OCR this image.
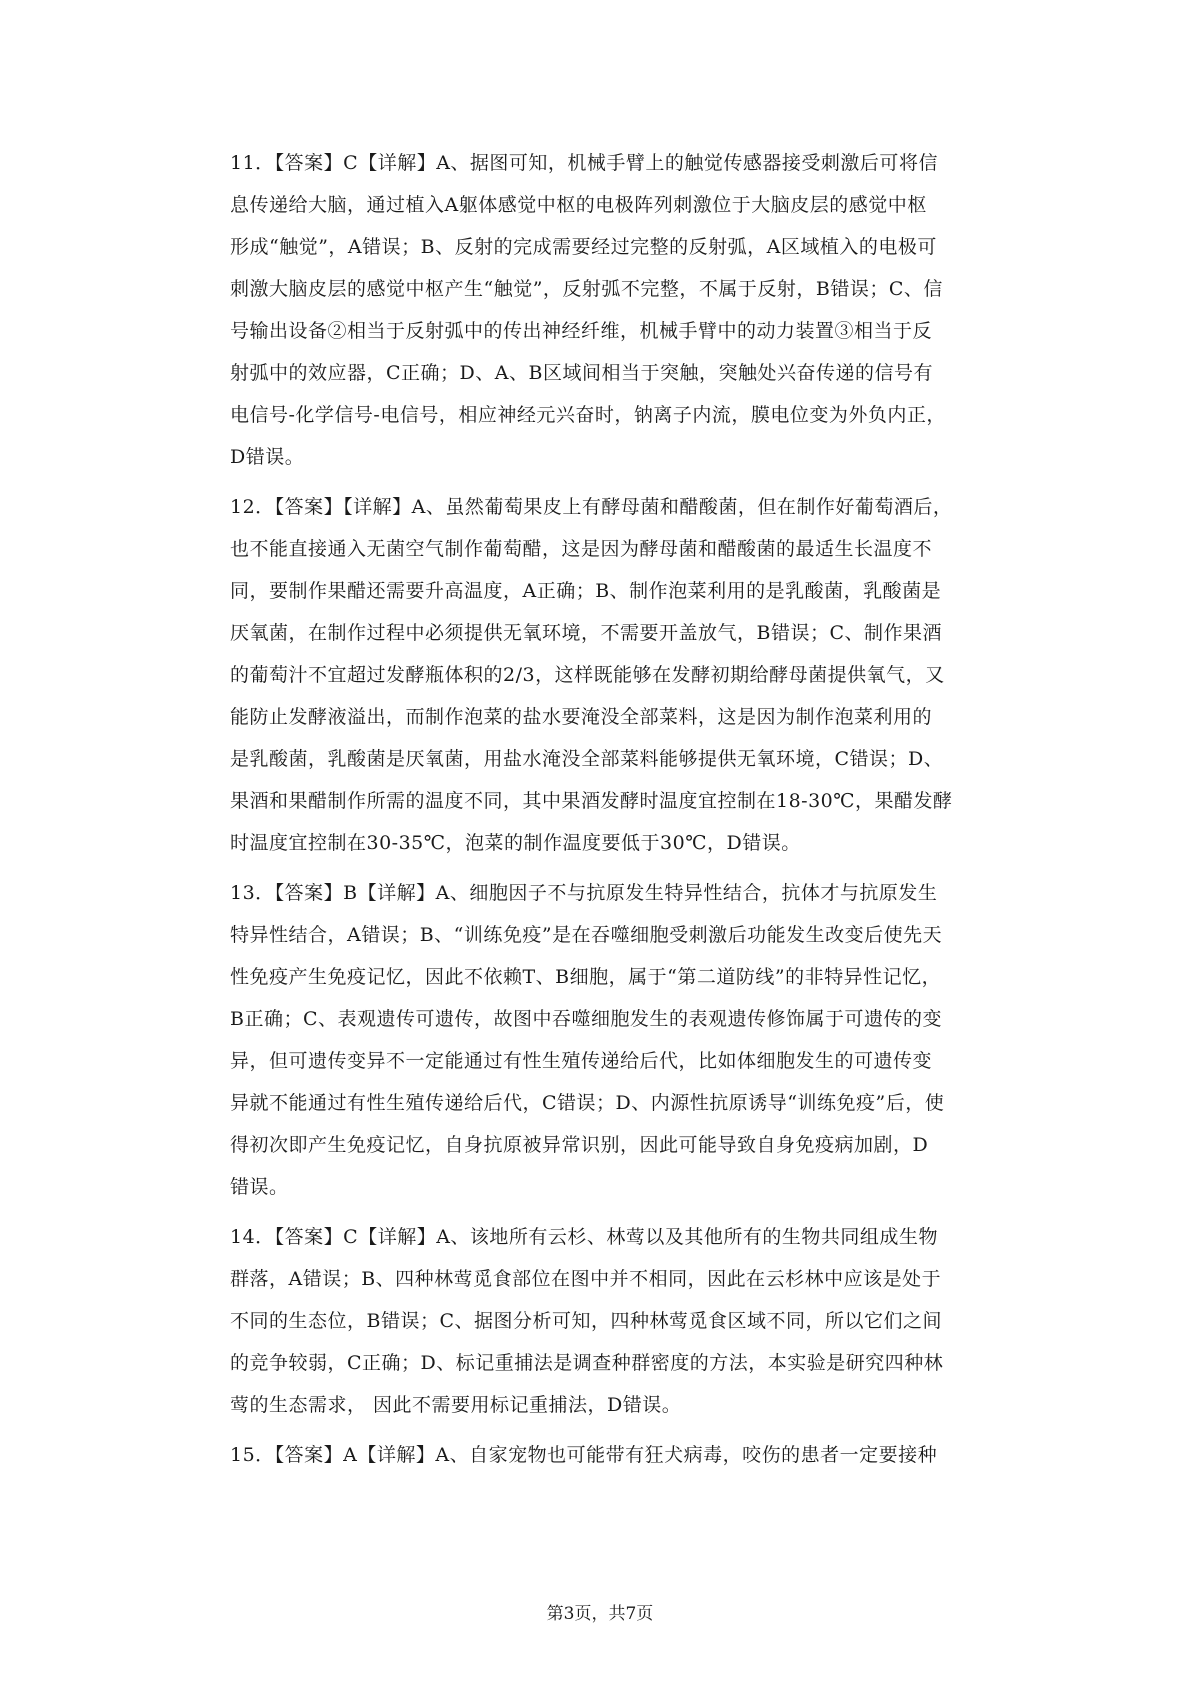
11．【答案】C【详解】A、据图可知，机械手臂上的触觉传感器接受刺激后可将信
息传递给大脑，通过植入A躯体感觉中枢的电极阵列刺激位于大脑皮层的感觉中枢
形成“触觉”，A错误；B、反射的完成需要经过完整的反射弧，A区域植入的电极可
刺激大脑皮层的感觉中枢产生“触觉”，反射弧不完整，不属于反射，B错误；C、信
号输出设备②相当于反射弧中的传出神经纤维，机械手臂中的动力装置③相当于反
射弧中的效应器，C正确；D、A、B区域间相当于突触，突触处兴奋传递的信号有
电信号-化学信号-电信号，相应神经元兴奋时，钠离子内流，膜电位变为外负内正，
D错误。
12．【答案】【详解】A、虽然葡萄果皮上有酵母菌和醋酸菌，但在制作好葡萄酒后，
也不能直接通入无菌空气制作葡萄醋，这是因为酵母菌和醋酸菌的最适生长温度不
同，要制作果醋还需要升高温度，A正确；B、制作泡菜利用的是乳酸菌，乳酸菌是
厌氧菌，在制作过程中必须提供无氧环境，不需要开盖放气，B错误；C、制作果酒
的葡萄汁不宜超过发酵瓶体积的2/3，这样既能够在发酵初期给酵母菌提供氧气，又
能防止发酵液溢出，而制作泡菜的盐水要淹没全部菜料，这是因为制作泡菜利用的
是乳酸菌，乳酸菌是厌氧菌，用盐水淹没全部菜料能够提供无氧环境，C错误；D、
果酒和果醋制作所需的温度不同，其中果酒发酵时温度宜控制在18-30℃，果醋发酵
时温度宜控制在30-35℃，泡菜的制作温度要低于30℃，D错误。
13．【答案】B【详解】A、细胞因子不与抗原发生特异性结合，抗体才与抗原发生
特异性结合，A错误；B、“训练免疫”是在吞噬细胞受刺激后功能发生改变后使先天
性免疫产生免疫记忆，因此不依赖T、B细胞，属于“第二道防线”的非特异性记忆，
B正确；C、表观遗传可遗传，故图中吞噬细胞发生的表观遗传修饰属于可遗传的变
异，但可遗传变异不一定能通过有性生殖传递给后代，比如体细胞发生的可遗传变
异就不能通过有性生殖传递给后代，C错误；D、内源性抗原诱导“训练免疫”后，使
得初次即产生免疫记忆，自身抗原被异常识别，因此可能导致自身免疫病加剧，D
错误。
14．【答案】C【详解】A、该地所有云杉、林莺以及其他所有的生物共同组成生物
群落，A错误；B、四种林莺觅食部位在图中并不相同，因此在云杉林中应该是处于
不同的生态位，B错误；C、据图分析可知，四种林莺觅食区域不同，所以它们之间
的竞争较弱，C正确；D、标记重捕法是调查种群密度的方法，本实验是研究四种林
莺的生态需求， 因此不需要用标记重捕法，D错误。
15．【答案】A【详解】A、自家宠物也可能带有狂犬病毒，咬伤的患者一定要接种
第3页，共7页
